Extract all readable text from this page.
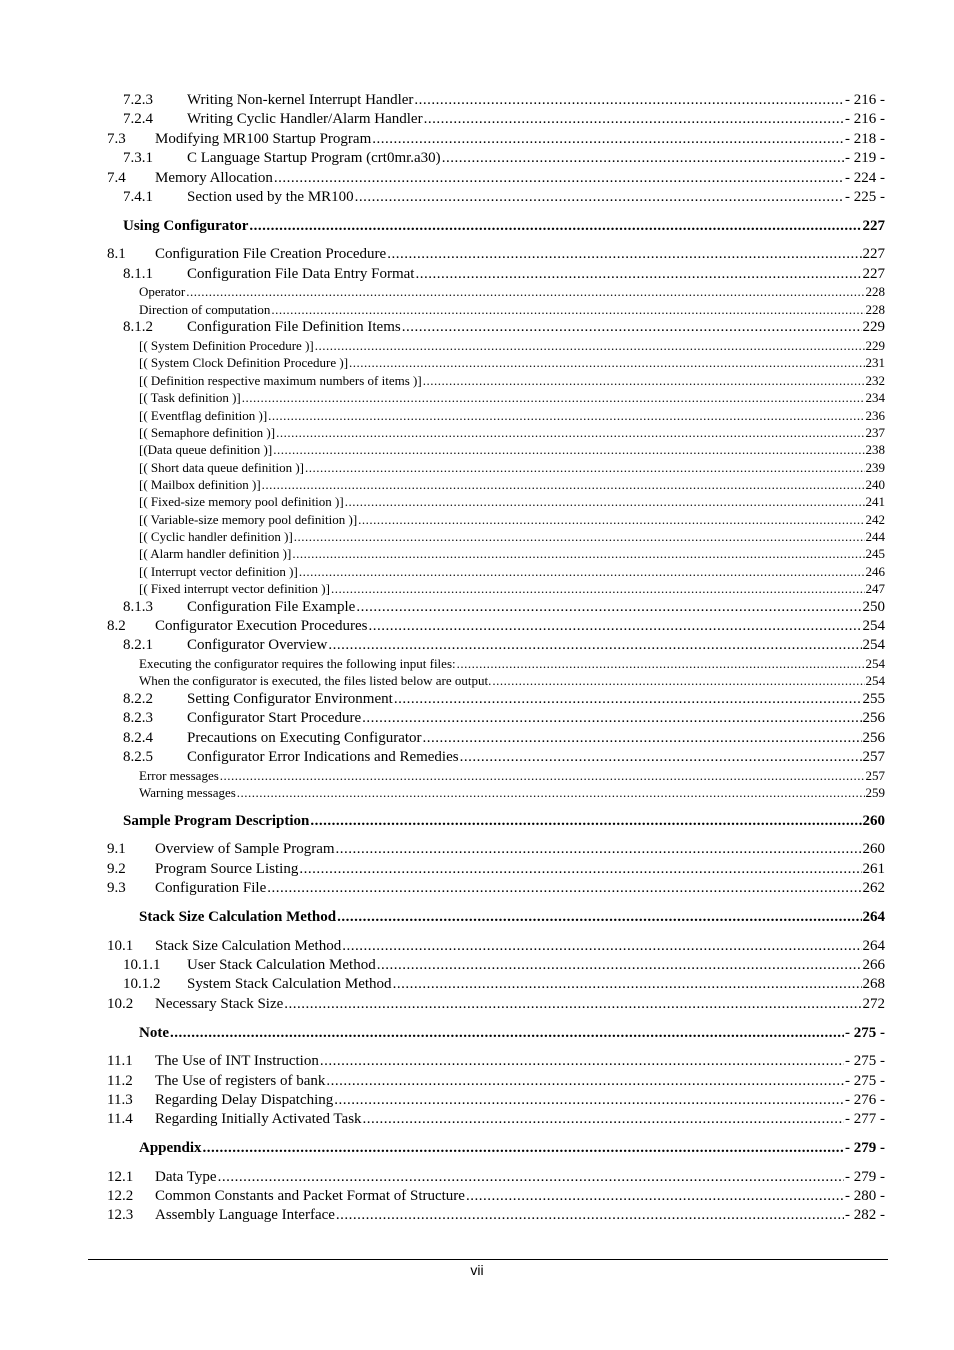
7.2.3	Writing Non-kernel Interrupt Handler .....	- 216 -
7.2.4	Writing Cyclic Handler/Alarm Handler .....	- 216 -
7.3	Modifying MR100 Startup Program .....	- 218 -
7.3.1	C Language Startup Program (crt0mr.a30) .....	- 219 -
7.4	Memory Allocation .....	- 224 -
7.4.1	Section used by the MR100 .....	- 225 -
Using Configurator .....	227
8.1	Configuration File Creation Procedure .....	227
8.1.1	Configuration File Data Entry Format .....	227
Operator .....	228
Direction of computation .....	228
8.1.2	Configuration File Definition Items .....	229
[( System Definition Procedure )] .....	229
[( System Clock Definition Procedure )] .....	231
[( Definition respective maximum numbers of items )] .....	232
[( Task definition )] .....	234
[( Eventflag definition )] .....	236
[( Semaphore definition )] .....	237
[(Data queue definition )] .....	238
[( Short data queue definition )] .....	239
[( Mailbox definition )] .....	240
[( Fixed-size memory pool definition )] .....	241
[( Variable-size memory pool definition )] .....	242
[( Cyclic handler definition )] .....	244
[( Alarm handler definition )] .....	245
[( Interrupt vector definition )] .....	246
[( Fixed interrupt vector definition )] .....	247
8.1.3	Configuration File Example .....	250
8.2	Configurator Execution Procedures .....	254
8.2.1	Configurator Overview .....	254
Executing the configurator requires the following input files: .....	254
When the configurator is executed, the files listed below are output. .....	254
8.2.2	Setting Configurator Environment .....	255
8.2.3	Configurator Start Procedure .....	256
8.2.4	Precautions on Executing Configurator .....	256
8.2.5	Configurator Error Indications and Remedies .....	257
Error messages .....	257
Warning messages .....	259
Sample Program Description .....	260
9.1	Overview of Sample Program .....	260
9.2	Program Source Listing .....	261
9.3	Configuration File .....	262
Stack Size Calculation Method .....	264
10.1	Stack Size Calculation Method .....	264
10.1.1	User Stack Calculation Method .....	266
10.1.2	System Stack Calculation Method .....	268
10.2	Necessary Stack Size .....	272
Note .....	- 275 -
11.1	The Use of INT Instruction .....	- 275 -
11.2	The Use of registers of bank .....	- 275 -
11.3	Regarding Delay Dispatching .....	- 276 -
11.4	Regarding Initially Activated Task .....	- 277 -
Appendix .....	- 279 -
12.1	Data Type .....	- 279 -
12.2	Common Constants and Packet Format of Structure .....	- 280 -
12.3	Assembly Language Interface .....	- 282 -
vii
